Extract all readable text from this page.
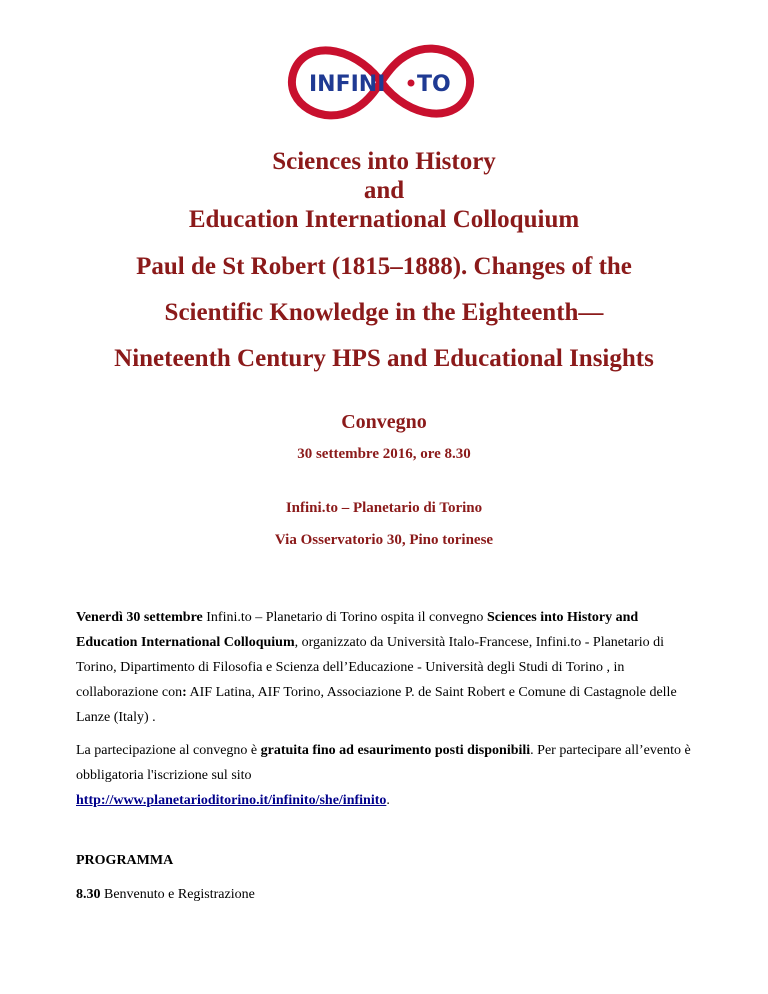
INFINI TO

Sciences into History

and

Education International Colloquium

Paul de St Robert (1815–1888). Changes of the

Scientific Knowledge in the Eighteenth—

Nineteenth Century HPS and Educational Insights

Convegno

30 settembre 2016, ore 8.30

Infini.to – Planetario di Torino

Via Osservatorio 30, Pino torinese

Venerdì 30 settembre Infini.to – Planetario di Torino ospita il convegno Sciences into History and Education International Colloquium, organizzato da Università Italo-Francese, Infini.to - Planetario di Torino, Dipartimento di Filosofia e Scienza dell’Educazione - Università degli Studi di Torino , in collaborazione con: AIF Latina, AIF Torino, Associazione P. de Saint Robert e Comune di Castagnole delle Lanze (Italy) .

La partecipazione al convegno è gratuita fino ad esaurimento posti disponibili. Per partecipare all’evento è obbligatoria l'iscrizione sul sito
http://www.planetarioditorino.it/infinito/she/infinito.

PROGRAMMA

8.30 Benvenuto e Registrazione
